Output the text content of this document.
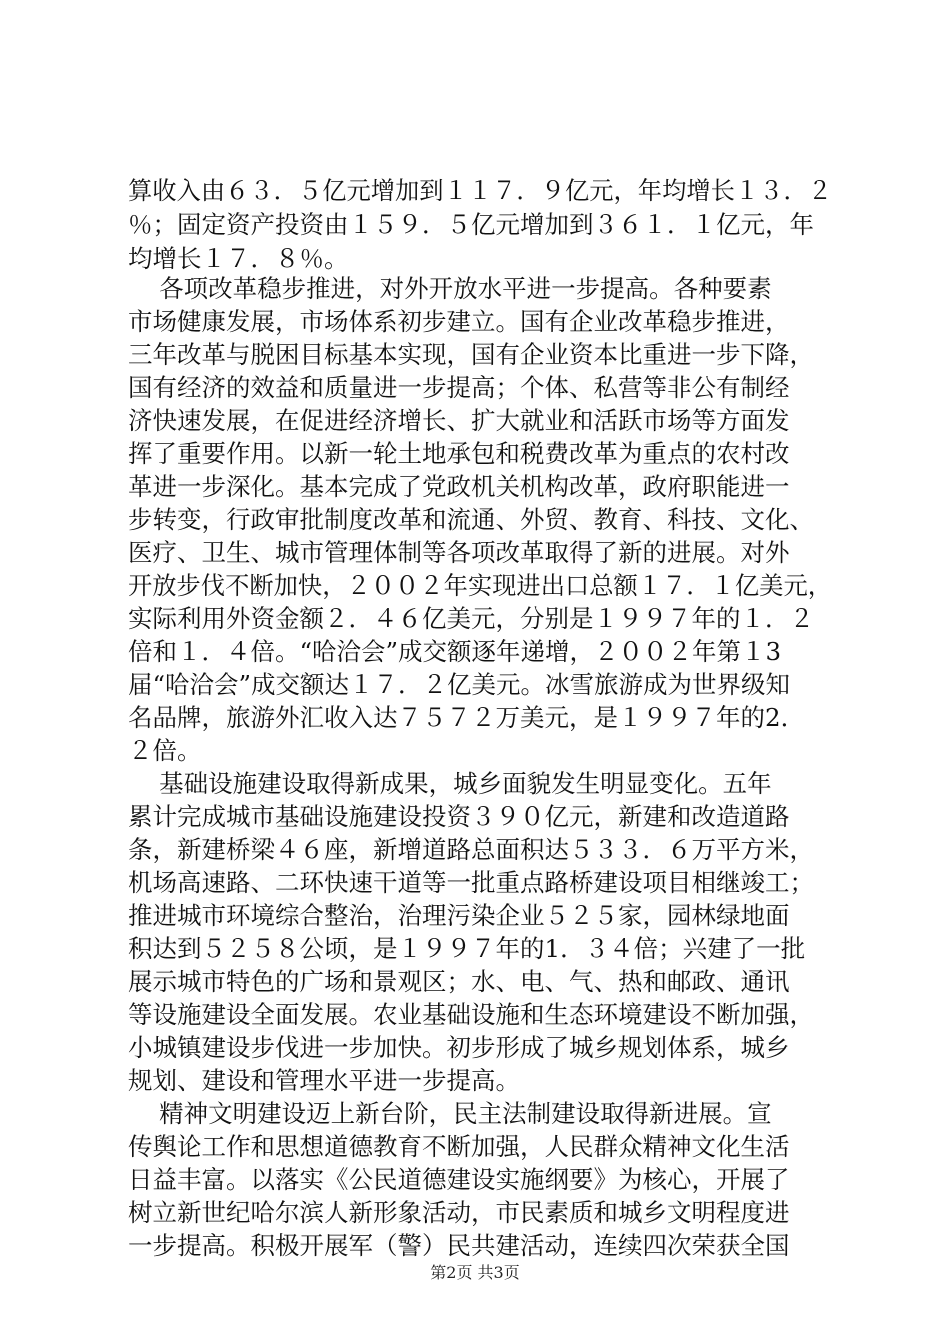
算收入由６３．５亿元增加到１１７．９亿元，年均增长１３．２
％；固定资产投资由１５９．５亿元增加到３６１．１亿元，年
均增长１７．８％。
各项改革稳步推进，对外开放水平进一步提高。各种要素
市场健康发展，市场体系初步建立。国有企业改革稳步推进，
三年改革与脱困目标基本实现，国有企业资本比重进一步下降，
国有经济的效益和质量进一步提高；个体、私营等非公有制经
济快速发展，在促进经济增长、扩大就业和活跃市场等方面发
挥了重要作用。以新一轮土地承包和税费改革为重点的农村改
革进一步深化。基本完成了党政机关机构改革，政府职能进一
步转变，行政审批制度改革和流通、外贸、教育、科技、文化、
医疗、卫生、城市管理体制等各项改革取得了新的进展。对外
开放步伐不断加快，２００２年实现进出口总额１７．１亿美元，
实际利用外资金额２．４６亿美元，分别是１９９７年的１．２
倍和１．４倍。“哈洽会”成交额逐年递增，２００２年第１3
届“哈洽会”成交额达１７．２亿美元。冰雪旅游成为世界级知
名品牌，旅游外汇收入达７５７２万美元，是１９９７年的2．
２倍。
基础设施建设取得新成果，城乡面貌发生明显变化。五年
累计完成城市基础设施建设投资３９０亿元，新建和改造道路
条，新建桥梁４６座，新增道路总面积达５３３．６万平方米，
机场高速路、二环快速干道等一批重点路桥建设项目相继竣工；
推进城市环境综合整治，治理污染企业５２５家，园林绿地面
积达到５２５８公顷，是１９９７年的1．３４倍；兴建了一批
展示城市特色的广场和景观区；水、电、气、热和邮政、通讯
等设施建设全面发展。农业基础设施和生态环境建设不断加强，
小城镇建设步伐进一步加快。初步形成了城乡规划体系，城乡
规划、建设和管理水平进一步提高。
精神文明建设迈上新台阶，民主法制建设取得新进展。宣
传舆论工作和思想道德教育不断加强，人民群众精神文化生活
日益丰富。以落实《公民道德建设实施纲要》为核心，开展了
树立新世纪哈尔滨人新形象活动，市民素质和城乡文明程度进
一步提高。积极开展军（警）民共建活动，连续四次荣获全国
第2页 共3页
